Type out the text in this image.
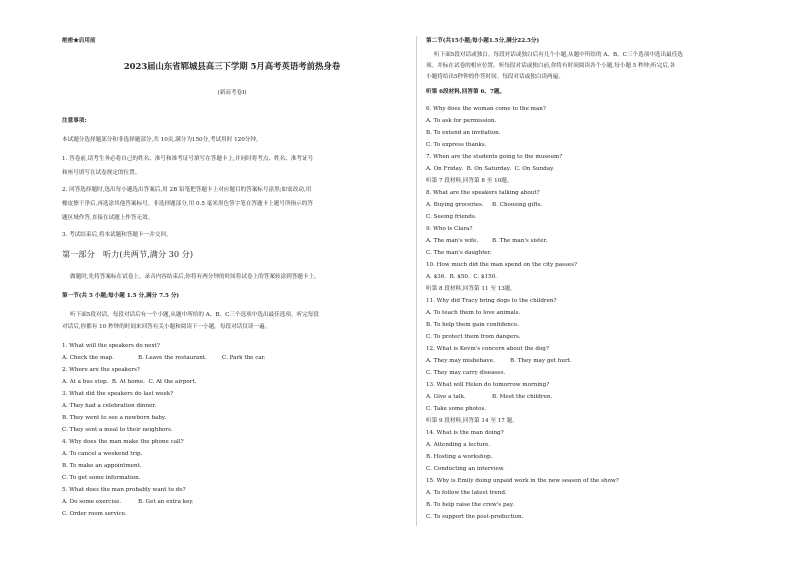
绝密★启用前
2023届山东省郓城县高三下学期 5月高考英语考前热身卷
(新高考卷Ⅰ)
注意事项:
本试题分选择题部分和非选择题部分,共 10页,满分为150分,考试用时 120分钟。
1. 答卷前,请考生务必将自己的姓名、准号和准考证号填写在答题卡上,并同时将考点、姓名、准考证号
和座号填写在试卷规定的位置。
2. 回答选择题时,选出每小题选出答案后,用 2B 铅笔把答题卡上对应题目的答案标号涂黑;如需改动,用
橡皮擦干净后,再选涂其他答案标号。非选择题部分,用 0.5 毫米黑色签字笔在答题卡上题号所指示的答
题区域作答,直接在试题上作答无效。
3. 考试结束后,将本试题和答题卡一并交回。
第一部分　听力(共两节,满分 30 分)
做题时,先将答案标在试卷上。录音内容结束后,你将有两分钟的时间将试卷上的答案转涂到答题卡上。
第一节(共 5 小题;每小题 1.5 分,满分 7.5 分)
听下面5段对话。每段对话后有一个小题,从题中所给的 A、B、C三个选项中选出最佳选项。听完每段
对话后,你都有 10 秒钟的时间来回答有关小题和阅读下一小题。每段对话仅读一遍。
1. What will the speakers do next?
A. Check the map.	B. Leave the restaurant.	C. Park the car.
2. Where are the speakers?
A. At a bus stop. B. At home. C. At the airport.
3. What did the speakers do last week?
A. They had a celebration dinner.
B. They went to see a newborn baby.
C. They sent a meal to their neighbors.
4. Why does the man make the phone call?
A. To cancel a weekend trip.
B. To make an appointment.
C. To get some information.
5. What does the man probably want to do?
A. Do some exercise.	B. Get an extra key.
C. Order room service.
第二节(共15小题;每小题1.5分,满分22.5分)
听下面5段对话或独白。每段对话或独白后有几个小题,从题中所给的 A、B、C三个选项中选出最佳选
项。并标在试卷的相应位置。听每段对话或独白前,你将有时间阅读各个小题,每小题 5 秒钟;听完后,各
小题将给出5秒钟的作答时间。每段对话或独白读两遍。
听第 6段材料,回答第 6、7题。
6. Why does the woman come to the man?
A. To ask for permission.
B. To extend an invitation.
C. To express thanks.
7. When are the students going to the museum?
A. On Friday. B. On Saturday. C. On Sunday.
听第 7 段材料,回答第 8 至 10题。
8. What are the speakers talking about?
A. Buying groceries. B. Choosing gifts.
C. Seeing friends.
9. Who is Clara?
A. The man's wife. B. The man's sister.
C. The man's daughter.
10. How much did the man spend on the city passes?
A. $36. B. $50. C. $150.
听第 8 段材料,回答第 11 至 13题。
11. Why did Tracy bring dogs to the children?
A. To teach them to love animals.
B. To help them gain confidence.
C. To protect them from dangers.
12. What is Kevin's concern about the dog?
A. They may misbehave.	B. They may get hurt.
C. They may carry diseases.
13. What will Helen do tomorrow morning?
A. Give a talk.	B. Meet the children.
C. Take some photos.
听第 9 段材料,回答第 14 至 17 题。
14. What is the man doing?
A. Attending a lecture.
B. Hosting a workshop.
C. Conducting an interview.
15. Why is Emily doing unpaid work in the new season of the show?
A. To follow the latest trend.
B. To help raise the crew's pay.
C. To support the post-production.
